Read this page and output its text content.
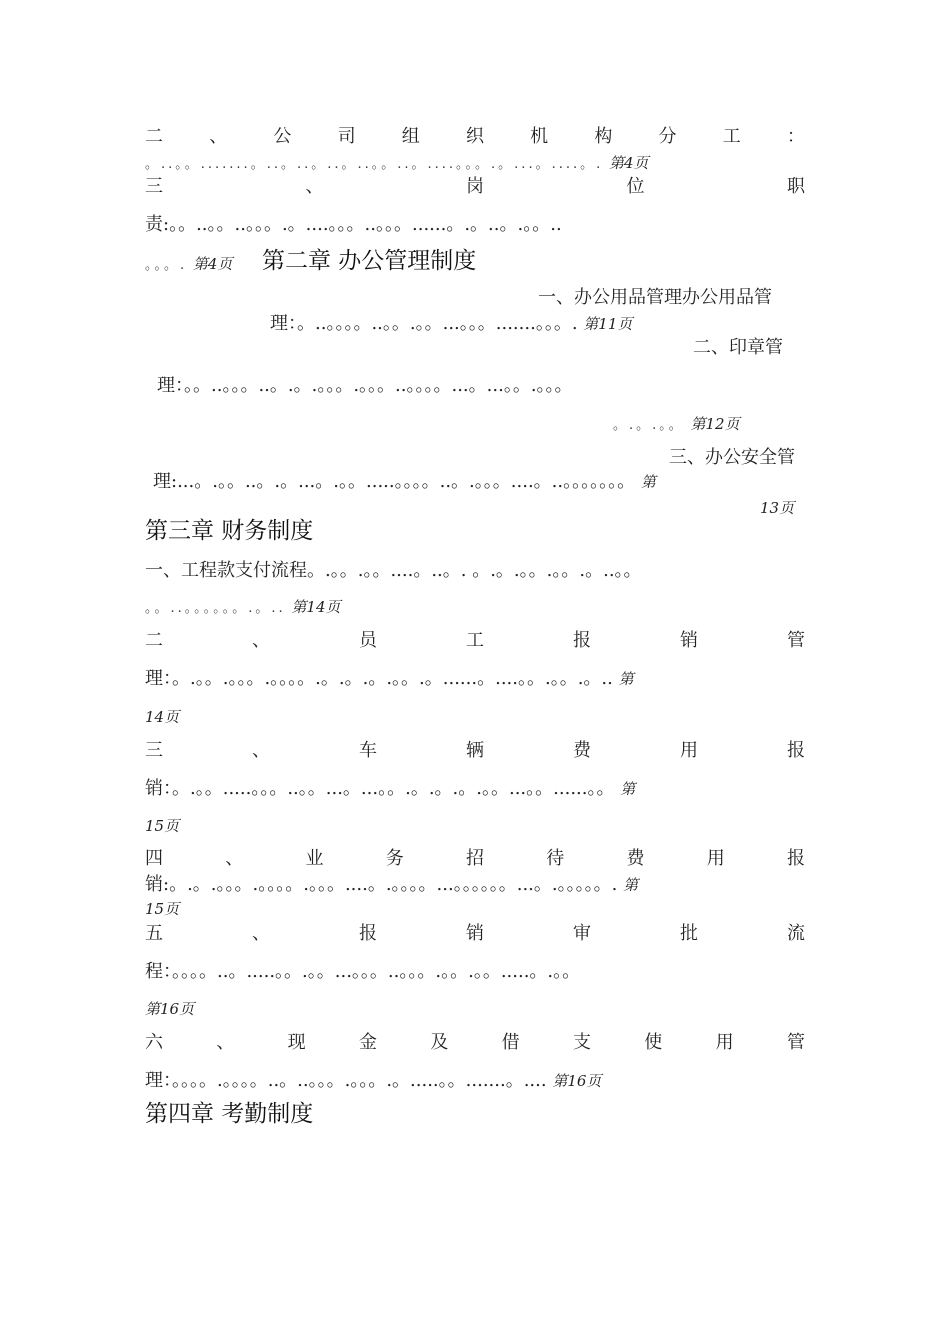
二	、	公	司	组	织	机	构	分	工	：
。..。。.......。..。..。..。..。。..。....。。。.。...。....。. 第4页
三	、	岗	位	职
责:。。..。。..。。。.。....。。。..。。。......。.。..。.。。..
。。。. 第4页 第二章 办公管理制度
一、办公用品管理办公用品管
理：。..。。。。..。。.。。...。。。.......。。。. 第11页
二、印章管
理：。。..。。。..。.。.。。。.。。。..。。。。...。...。。.。。。
。.。.。。 第12页
三、办公安全管
理:...。.。。..。.。...。.。。.....。。。。..。.。。。....。..。。。。。。。 第
13页
第三章 财务制度
一、工程款支付流程。.。。.。。....。..。. 。.。.。。.。。.。..。。
。。..。。。。。。.。.. 第14页
二	、	员	工	报	销	管
理：。.。。.。。。.。。。。.。.。.。.。。.。......。....。。.。。.。.. 第
14页
三	、	车	辆	费	用	报
销：。.。。.....。。。..。。...。...。。.。.。.。.。。...。。......。。 第
15页
四	、	业	务	招	待	费	用	报
销:。.。.。。。.。。。。.。。。....。.。。。。...。。。。。。...。.。。。。。. 第
15页
五	、	报	销	审	批	流
程：。。。。..。.....。。.。。...。。。..。。。.。。.。。.....。.。。
第16页
六	、	现	金	及	借	支	使	用	管
理：。。。。.。。。。..。..。。。.。。。.。.....。。.......。.... 第16页
第四章 考勤制度
